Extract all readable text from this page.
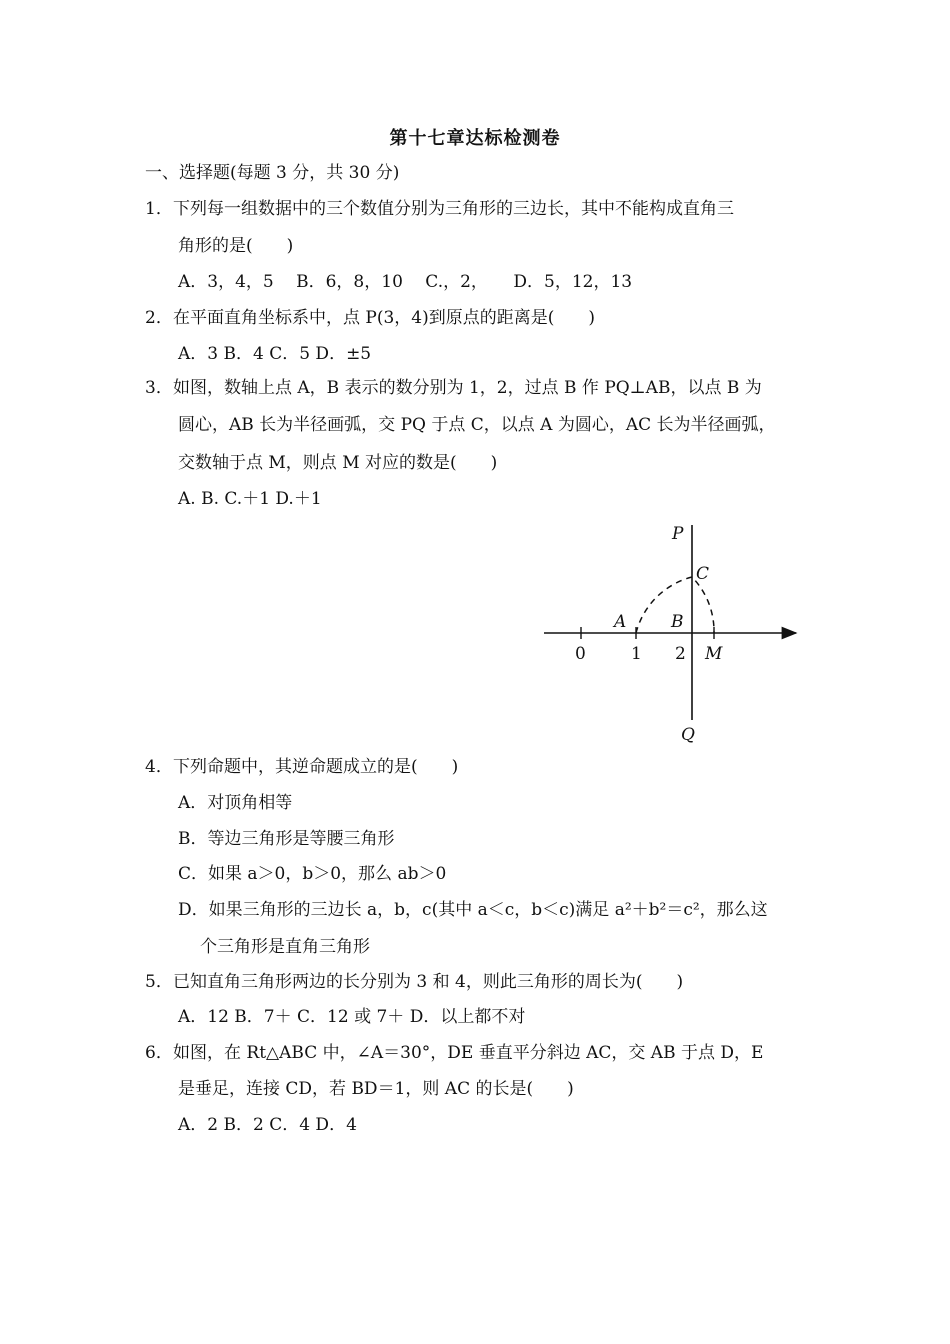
第十七章达标检测卷
一、选择题(每题 3 分，共 30 分)
1．下列每一组数据中的三个数值分别为三角形的三边长，其中不能构成直角三
角形的是(　　)
A．3，4，5　 B．6，8，10　 C.，2，　　D．5，12，13
2．在平面直角坐标系中，点 P(3，4)到原点的距离是(　　)
A．3 B．4 C．5 D．±5
3．如图，数轴上点 A，B 表示的数分别为 1，2，过点 B 作 PQ⊥AB，以点 B 为
圆心，AB 长为半径画弧，交 PQ 于点 C，以点 A 为圆心，AC 长为半径画弧，
交数轴于点 M，则点 M 对应的数是(　　)
A. B. C.＋1 D.＋1
P
C
A	B
0	1 2 M
Q
4．下列命题中，其逆命题成立的是(　　)
A．对顶角相等
B．等边三角形是等腰三角形
C．如果 a＞0，b＞0，那么 ab＞0
D．如果三角形的三边长 a，b，c(其中 a＜c，b＜c)满足 a²＋b²＝c²，那么这
个三角形是直角三角形
5．已知直角三角形两边的长分别为 3 和 4，则此三角形的周长为(　　)
A．12 B．7＋ C．12 或 7＋ D．以上都不对
6．如图，在 Rt△ABC 中，∠A＝30°，DE 垂直平分斜边 AC，交 AB 于点 D，E
是垂足，连接 CD，若 BD＝1，则 AC 的长是(　　)
A．2 B．2 C．4 D．4
